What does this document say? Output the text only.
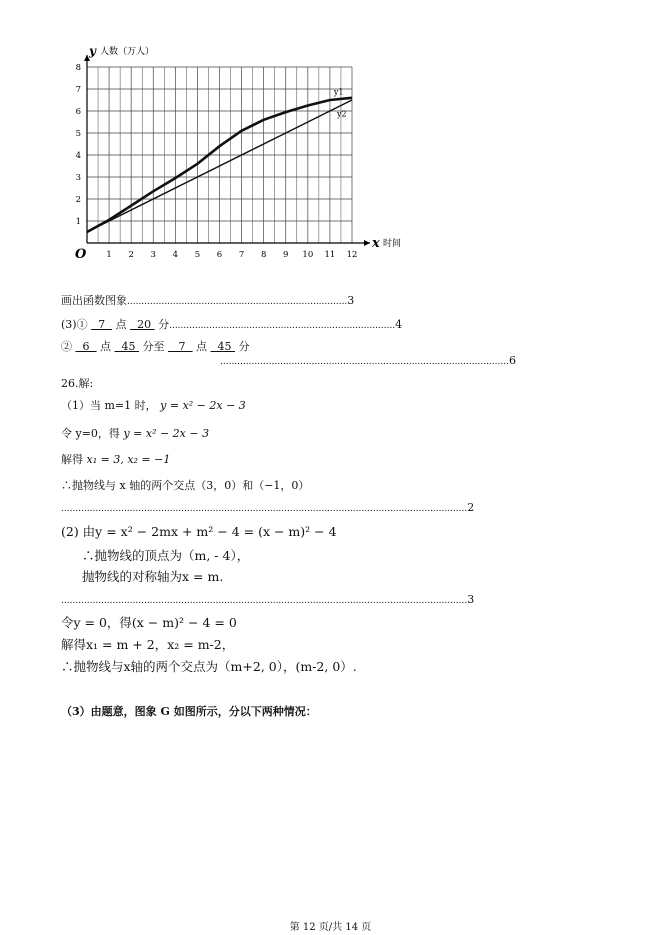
1 2 3 4 5 6 7 8 9 10 11 12
1
2
3
4
5
6
7
8
y1
y2
y 人数（万人）
x 时间
O
画出函数图象.............................................................................3
(3)① 7 点 20 分...............................................................................4
② 6 点 45 分至 7 点 45 分
.....................................................................................................6
26.解:
（1）当 m=1 时， y = x² − 2x − 3
令 y=0，得 y = x² − 2x − 3
解得 x₁ = 3, x₂ = −1
∴抛物线与 x 轴的两个交点（3，0）和（−1，0）
..............................................................................................................................................2
(2) 由y = x² − 2mx + m² − 4 = (x − m)² − 4
∴抛物线的顶点为（m, - 4），
抛物线的对称轴为x = m.
..............................................................................................................................................3
令y = 0，得(x − m)² − 4 = 0
解得x₁ = m + 2，x₂ = m-2，
∴抛物线与x轴的两个交点为（m+2, 0），(m-2, 0）.
（3）由题意，图象 G 如图所示，分以下两种情况：
第 12 页/共 14 页
